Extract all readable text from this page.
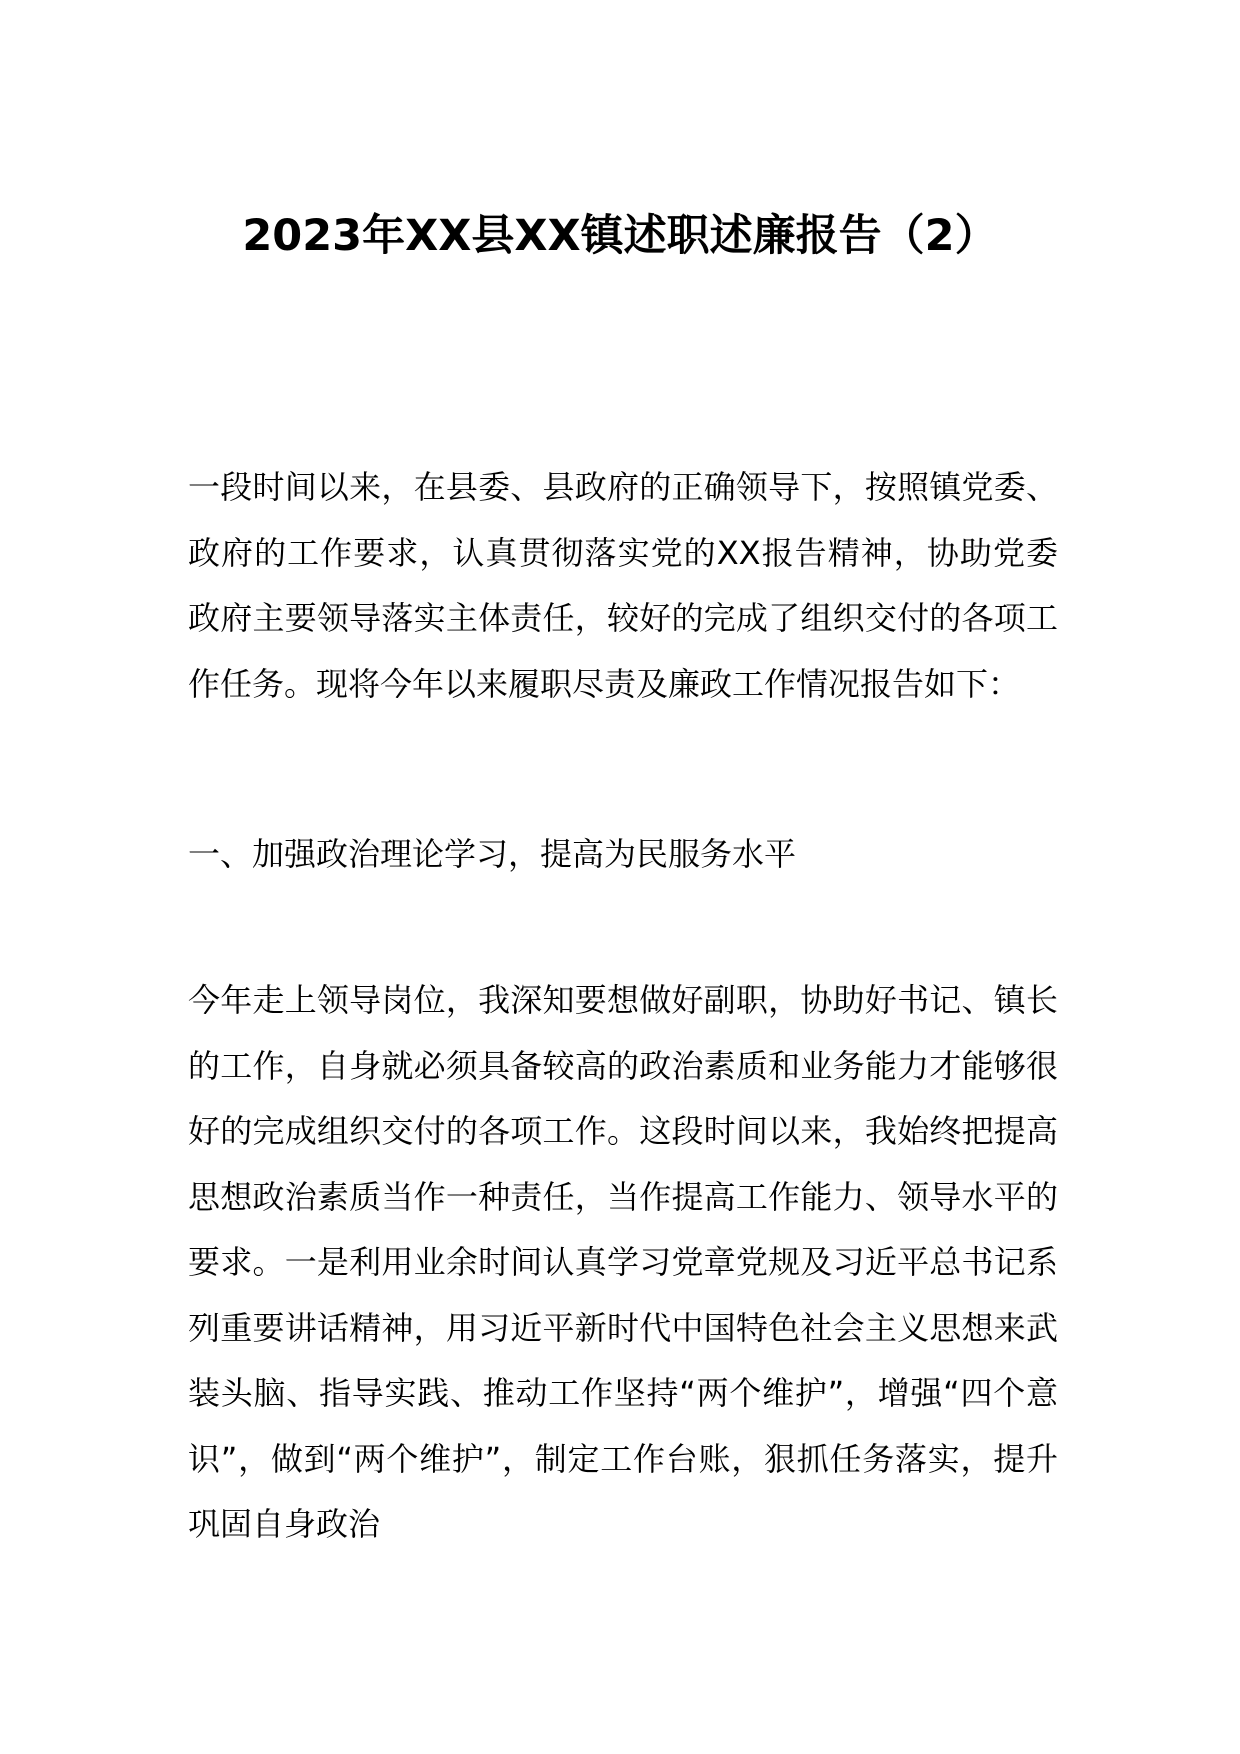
2023年XX县XX镇述职述廉报告（2）

一段时间以来，在县委、县政府的正确领导下，按照镇党委、政府的工作要求，认真贯彻落实党的XX报告精神，协助党委政府主要领导落实主体责任，较好的完成了组织交付的各项工作任务。现将今年以来履职尽责及廉政工作情况报告如下：

一、加强政治理论学习，提高为民服务水平

今年走上领导岗位，我深知要想做好副职，协助好书记、镇长的工作，自身就必须具备较高的政治素质和业务能力才能够很好的完成组织交付的各项工作。这段时间以来，我始终把提高思想政治素质当作一种责任，当作提高工作能力、领导水平的要求。一是利用业余时间认真学习党章党规及习近平总书记系列重要讲话精神，用习近平新时代中国特色社会主义思想来武装头脑、指导实践、推动工作坚持“两个维护”，增强“四个意识”，做到“两个维护”，制定工作台账，狠抓任务落实，提升巩固自身政治
